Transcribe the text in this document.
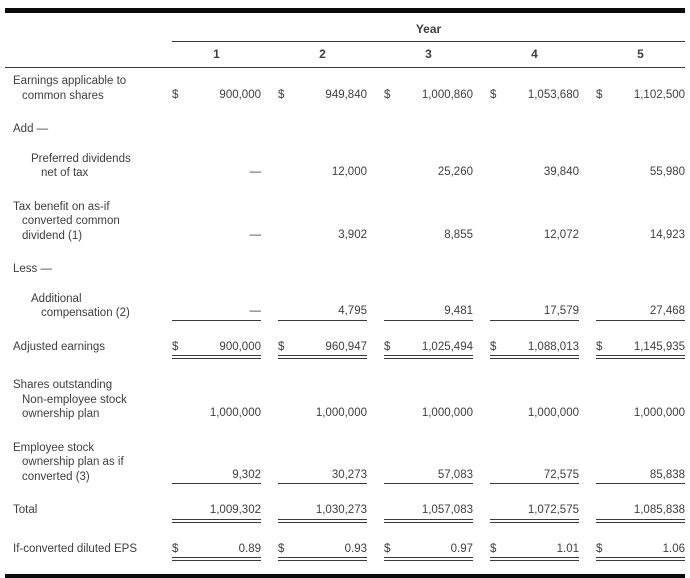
	Year				

	1	2	3	4	5

Earnings applicable to
common shares	$	900,000	$	949,840	$	1,000,860	$	1,053,680	$	1,102,500

Add —					

Preferred dividends
net of tax	—	12,000	25,260	39,840	55,980

Tax benefit on as-if
converted common
dividend (1)	—	3,902	8,855	12,072	14,923

Less —					

Additional
compensation (2)	—	4,795	9,481	17,579	27,468

Adjusted earnings	$ 900,000	$ 960,947	$ 1,025,494	$ 1,088,013	$ 1,145,935

Shares outstanding
Non-employee stock
ownership plan	1,000,000	1,000,000	1,000,000	1,000,000	1,000,000

Employee stock
ownership plan as if
converted (3)	9,302	30,273	57,083	72,575	85,838

Total	1,009,302	1,030,273	1,057,083	1,072,575	1,085,838

If-converted diluted EPS	$ 0.89	$ 0.93	$ 0.97	$ 1.01	$ 1.06
